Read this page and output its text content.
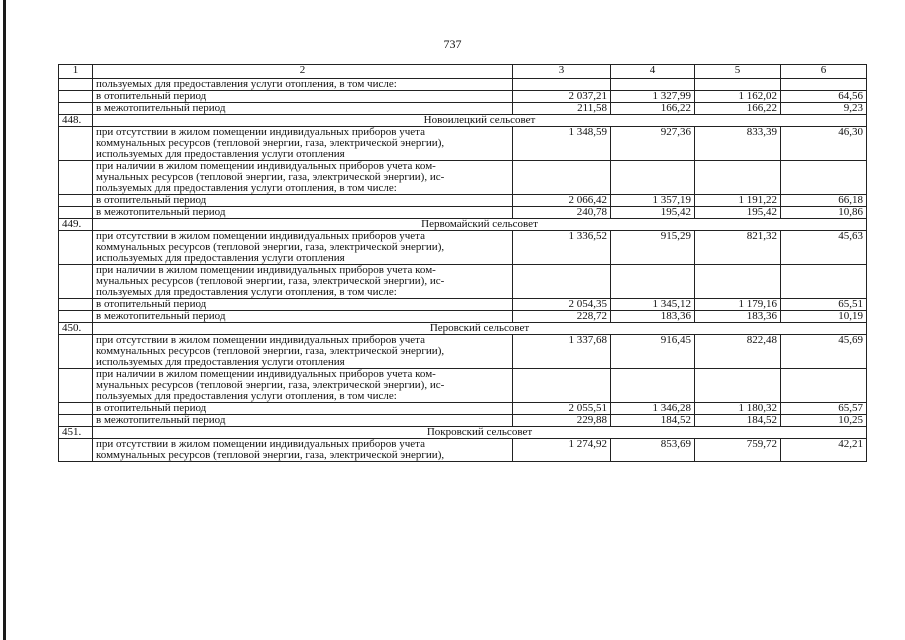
737
1	2	3	4	5	6
	пользуемых для предоставления услуги отопления, в том числе:				
	в отопительный период	2 037,21	1 327,99	1 162,02	64,56
	в межотопительный период	211,58	166,22	166,22	9,23
448.	Новоилецкий сельсовет				

	при отсутствии в жилом помещении индивидуальных приборов учета
коммунальных ресурсов (тепловой энергии, газа, электрической энергии),
используемых для предоставления услуги отопления	1 348,59	927,36	833,39	46,30

	при наличии в жилом помещении индивидуальных приборов учета ком-
мунальных ресурсов (тепловой энергии, газа, электрической энергии), ис-
пользуемых для предоставления услуги отопления, в том числе:				

	в отопительный период	2 066,42	1 357,19	1 191,22	66,18
	в межотопительный период	240,78	195,42	195,42	10,86
449.	Первомайский сельсовет				

	при отсутствии в жилом помещении индивидуальных приборов учета
коммунальных ресурсов (тепловой энергии, газа, электрической энергии),
используемых для предоставления услуги отопления	1 336,52	915,29	821,32	45,63

	при наличии в жилом помещении индивидуальных приборов учета ком-
мунальных ресурсов (тепловой энергии, газа, электрической энергии), ис-
пользуемых для предоставления услуги отопления, в том числе:				

	в отопительный период	2 054,35	1 345,12	1 179,16	65,51
	в межотопительный период	228,72	183,36	183,36	10,19
450.	Перовский сельсовет				

	при отсутствии в жилом помещении индивидуальных приборов учета
коммунальных ресурсов (тепловой энергии, газа, электрической энергии),
используемых для предоставления услуги отопления	1 337,68	916,45	822,48	45,69

	при наличии в жилом помещении индивидуальных приборов учета ком-
мунальных ресурсов (тепловой энергии, газа, электрической энергии), ис-
пользуемых для предоставления услуги отопления, в том числе:				

	в отопительный период	2 055,51	1 346,28	1 180,32	65,57
	в межотопительный период	229,88	184,52	184,52	10,25
451.	Покровский сельсовет				

	при отсутствии в жилом помещении индивидуальных приборов учета
коммунальных ресурсов (тепловой энергии, газа, электрической энергии),	1 274,92	853,69	759,72	42,21
